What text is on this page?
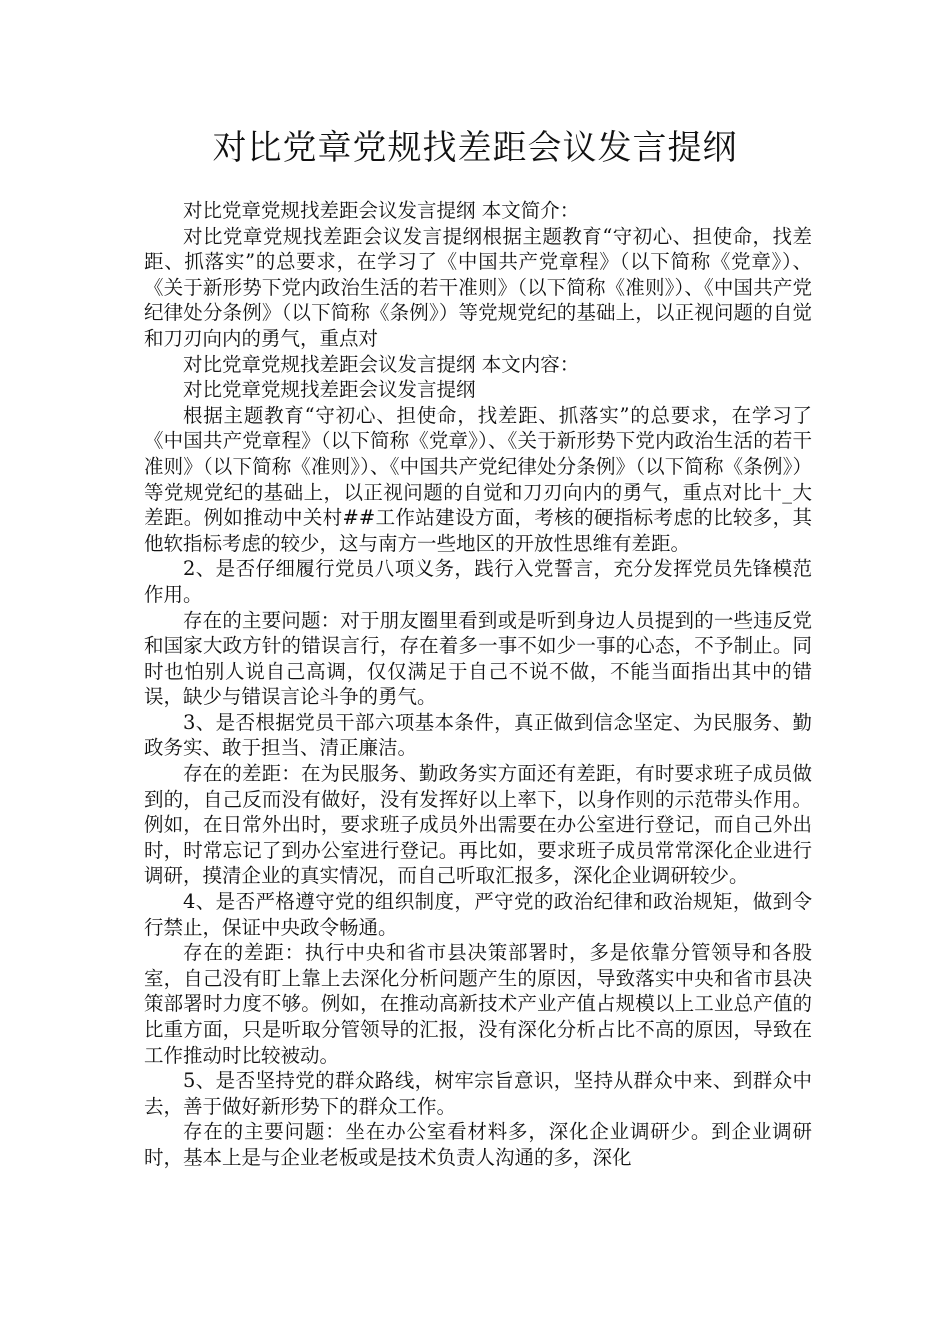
对比党章党规找差距会议发言提纲

对比党章党规找差距会议发言提纲 本文简介：

对比党章党规找差距会议发言提纲根据主题教育“守初心、担使命，找差距、抓落实”的总要求，在学习了《中国共产党章程》（以下简称《党章》）、《关于新形势下党内政治生活的若干准则》（以下简称《准则》）、《中国共产党纪律处分条例》（以下简称《条例》）等党规党纪的基础上，以正视问题的自觉和刀刃向内的勇气，重点对

对比党章党规找差距会议发言提纲 本文内容：

对比党章党规找差距会议发言提纲

根据主题教育“守初心、担使命，找差距、抓落实”的总要求，在学习了《中国共产党章程》（以下简称《党章》）、《关于新形势下党内政治生活的若干准则》（以下简称《准则》）、《中国共产党纪律处分条例》（以下简称《条例》）等党规党纪的基础上，以正视问题的自觉和刀刃向内的勇气，重点对比十_大差距。例如推动中关村##工作站建设方面，考核的硬指标考虑的比较多，其他软指标考虑的较少，这与南方一些地区的开放性思维有差距。

2、是否仔细履行党员八项义务，践行入党誓言，充分发挥党员先锋模范作用。

存在的主要问题：对于朋友圈里看到或是听到身边人员提到的一些违反党和国家大政方针的错误言行，存在着多一事不如少一事的心态，不予制止。同时也怕别人说自己高调，仅仅满足于自己不说不做，不能当面指出其中的错误，缺少与错误言论斗争的勇气。

3、是否根据党员干部六项基本条件，真正做到信念坚定、为民服务、勤政务实、敢于担当、清正廉洁。

存在的差距：在为民服务、勤政务实方面还有差距，有时要求班子成员做到的，自己反而没有做好，没有发挥好以上率下，以身作则的示范带头作用。例如，在日常外出时，要求班子成员外出需要在办公室进行登记，而自己外出时，时常忘记了到办公室进行登记。再比如，要求班子成员常常深化企业进行调研，摸清企业的真实情况，而自己听取汇报多，深化企业调研较少。

4、是否严格遵守党的组织制度，严守党的政治纪律和政治规矩，做到令行禁止，保证中央政令畅通。

存在的差距：执行中央和省市县决策部署时，多是依靠分管领导和各股室，自己没有盯上靠上去深化分析问题产生的原因，导致落实中央和省市县决策部署时力度不够。例如，在推动高新技术产业产值占规模以上工业总产值的比重方面，只是听取分管领导的汇报，没有深化分析占比不高的原因，导致在工作推动时比较被动。

5、是否坚持党的群众路线，树牢宗旨意识，坚持从群众中来、到群众中去，善于做好新形势下的群众工作。

存在的主要问题：坐在办公室看材料多，深化企业调研少。到企业调研时，基本上是与企业老板或是技术负责人沟通的多，深化
